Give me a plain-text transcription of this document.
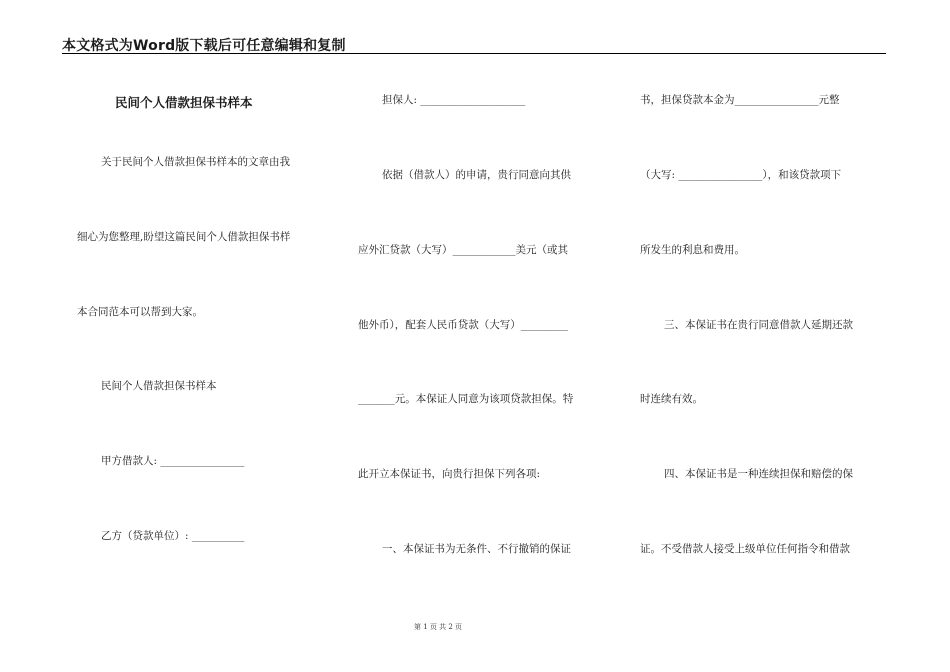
本文格式为Word版下载后可任意编辑和复制
民间个人借款担保书样本
关于民间个人借款担保书样本的文章由我
细心为您整理,盼望这篇民间个人借款担保书样
本合同范本可以帮到大家。
民间个人借款担保书样本
甲方借款人: ________________
乙方（贷款单位）: __________
担保人: ____________________
依据（借款人）的申请，贵行同意向其供
应外汇贷款（大写）____________美元（或其
他外币），配套人民币贷款（大写）_________
_______元。本保证人同意为该项贷款担保。特
此开立本保证书，向贵行担保下列各项:
一、本保证书为无条件、不行撤销的保证
书，担保贷款本金为________________元整
（大写: ________________），和该贷款项下
所发生的利息和费用。
三、本保证书在贵行同意借款人延期还款
时连续有效。
四、本保证书是一种连续担保和赔偿的保
证。不受借款人接受上级单位任何指令和借款
第 1 页 共 2 页
